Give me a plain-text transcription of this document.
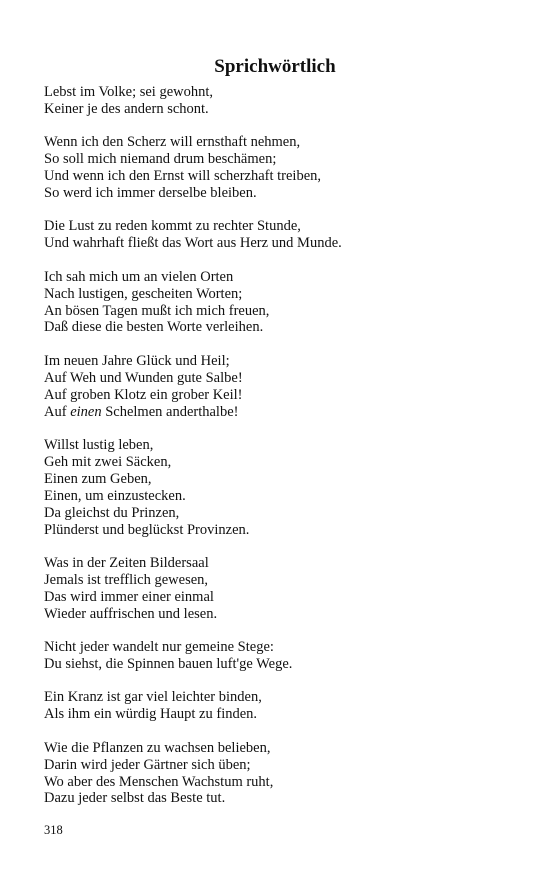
Sprichwörtlich
Lebst im Volke; sei gewohnt,
Keiner je des andern schont.
Wenn ich den Scherz will ernsthaft nehmen,
So soll mich niemand drum beschämen;
Und wenn ich den Ernst will scherzhaft treiben,
So werd ich immer derselbe bleiben.
Die Lust zu reden kommt zu rechter Stunde,
Und wahrhaft fließt das Wort aus Herz und Munde.
Ich sah mich um an vielen Orten
Nach lustigen, gescheiten Worten;
An bösen Tagen mußt ich mich freuen,
Daß diese die besten Worte verleihen.
Im neuen Jahre Glück und Heil;
Auf Weh und Wunden gute Salbe!
Auf groben Klotz ein grober Keil!
Auf einen Schelmen anderthalbe!
Willst lustig leben,
Geh mit zwei Säcken,
Einen zum Geben,
Einen, um einzustecken.
Da gleichst du Prinzen,
Plünderst und beglückst Provinzen.
Was in der Zeiten Bildersaal
Jemals ist trefflich gewesen,
Das wird immer einer einmal
Wieder auffrischen und lesen.
Nicht jeder wandelt nur gemeine Stege:
Du siehst, die Spinnen bauen luft'ge Wege.
Ein Kranz ist gar viel leichter binden,
Als ihm ein würdig Haupt zu finden.
Wie die Pflanzen zu wachsen belieben,
Darin wird jeder Gärtner sich üben;
Wo aber des Menschen Wachstum ruht,
Dazu jeder selbst das Beste tut.
318
